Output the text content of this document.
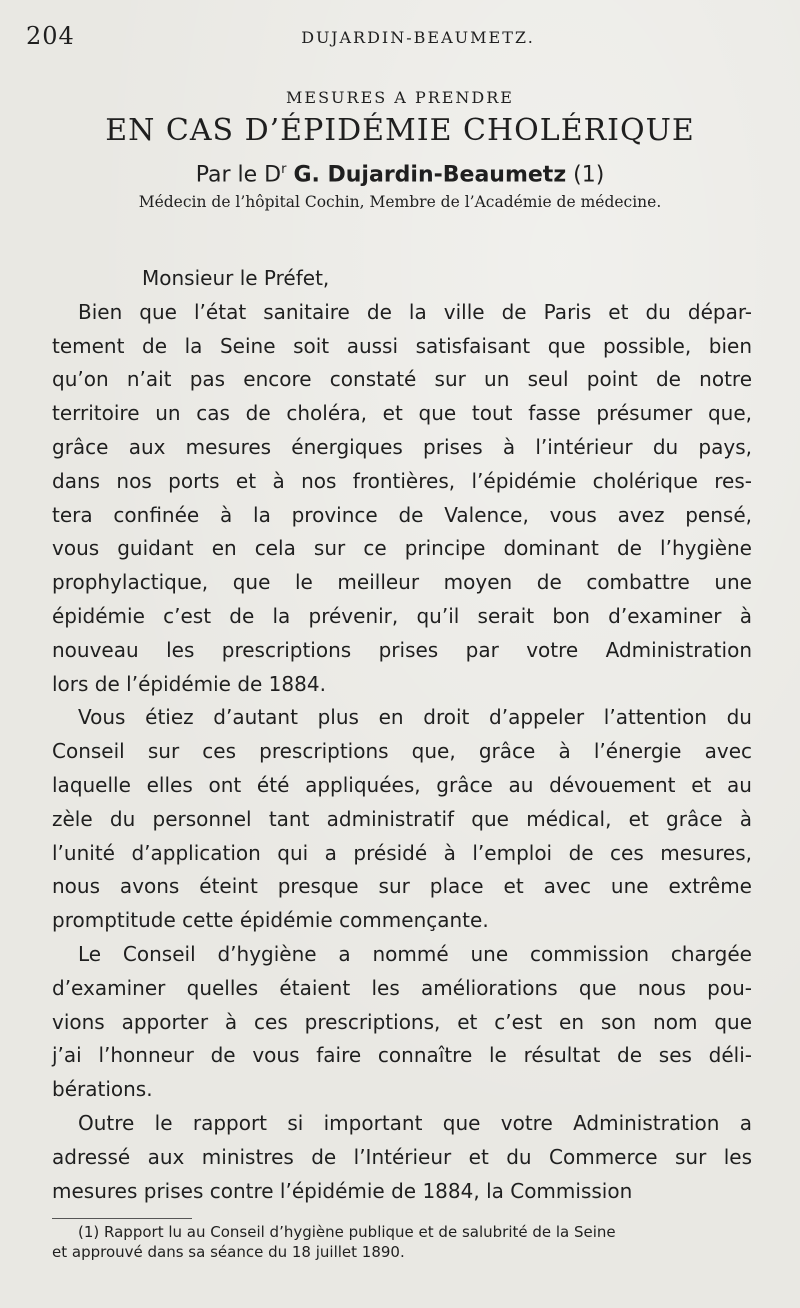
204	DUJARDIN-BEAUMETZ.
MESURES A PRENDRE
EN CAS D’ÉPIDÉMIE CHOLÉRIQUE
Par le $D^r$ G. Dujardin-Beaumetz (1)
Médecin de l’hôpital Cochin, Membre de l’Académie de médecine.
Monsieur le Préfet,

Bien que l’état sanitaire de la ville de Paris et du dépar-
tement de la Seine soit aussi satisfaisant que possible, bien
qu’on n’ait pas encore constaté sur un seul point de notre
territoire un cas de choléra, et que tout fasse présumer que,
grâce aux mesures énergiques prises à l’intérieur du pays,
dans nos ports et à nos frontières, l’épidémie cholérique res-
tera confinée à la province de Valence, vous avez pensé,
vous guidant en cela sur ce principe dominant de l’hygiène
prophylactique, que le meilleur moyen de combattre une
épidémie c’est de la prévenir, qu’il serait bon d’examiner à
nouveau les prescriptions prises par votre Administration
lors de l’épidémie de 1884.

Vous étiez d’autant plus en droit d’appeler l’attention du
Conseil sur ces prescriptions que, grâce à l’énergie avec
laquelle elles ont été appliquées, grâce au dévouement et au
zèle du personnel tant administratif que médical, et grâce à
l’unité d’application qui a présidé à l’emploi de ces mesures,
nous avons éteint presque sur place et avec une extrême
promptitude cette épidémie commençante.

Le Conseil d’hygiène a nommé une commission chargée
d’examiner quelles étaient les améliorations que nous pou-
vions apporter à ces prescriptions, et c’est en son nom que
j’ai l’honneur de vous faire connaître le résultat de ses déli-
bérations.

Outre le rapport si important que votre Administration a
adressé aux ministres de l’Intérieur et du Commerce sur les
mesures prises contre l’épidémie de 1884, la Commission

(1) Rapport lu au Conseil d’hygiène publique et de salubrité de la Seine
et approuvé dans sa séance du 18 juillet 1890.
